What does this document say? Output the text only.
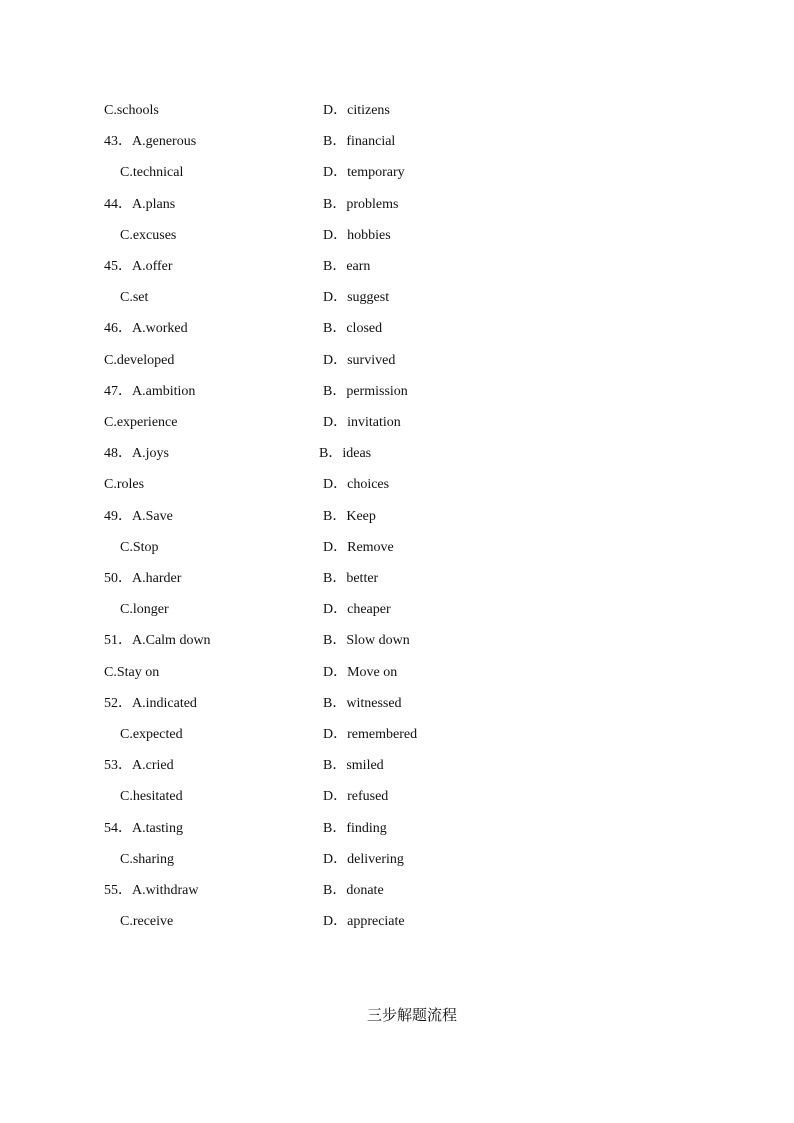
C.schools	D．citizens
43．A.generous	B．financial
C.technical	D．temporary
44．A.plans	B．problems
C.excuses	D．hobbies
45．A.offer	B．earn
C.set	D．suggest
46．A.worked	B．closed
C.developed	D．survived
47．A.ambition	B．permission
C.experience	D．invitation
48．A.joys	B．ideas
C.roles	D．choices
49．A.Save	B．Keep
C.Stop	D．Remove
50．A.harder	B．better
C.longer	D．cheaper
51．A.Calm down	B．Slow down
C.Stay on	D．Move on
52．A.indicated	B．witnessed
C.expected	D．remembered
53．A.cried	B．smiled
C.hesitated	D．refused
54．A.tasting	B．finding
C.sharing	D．delivering
55．A.withdraw	B．donate
C.receive	D．appreciate
三步解题流程
